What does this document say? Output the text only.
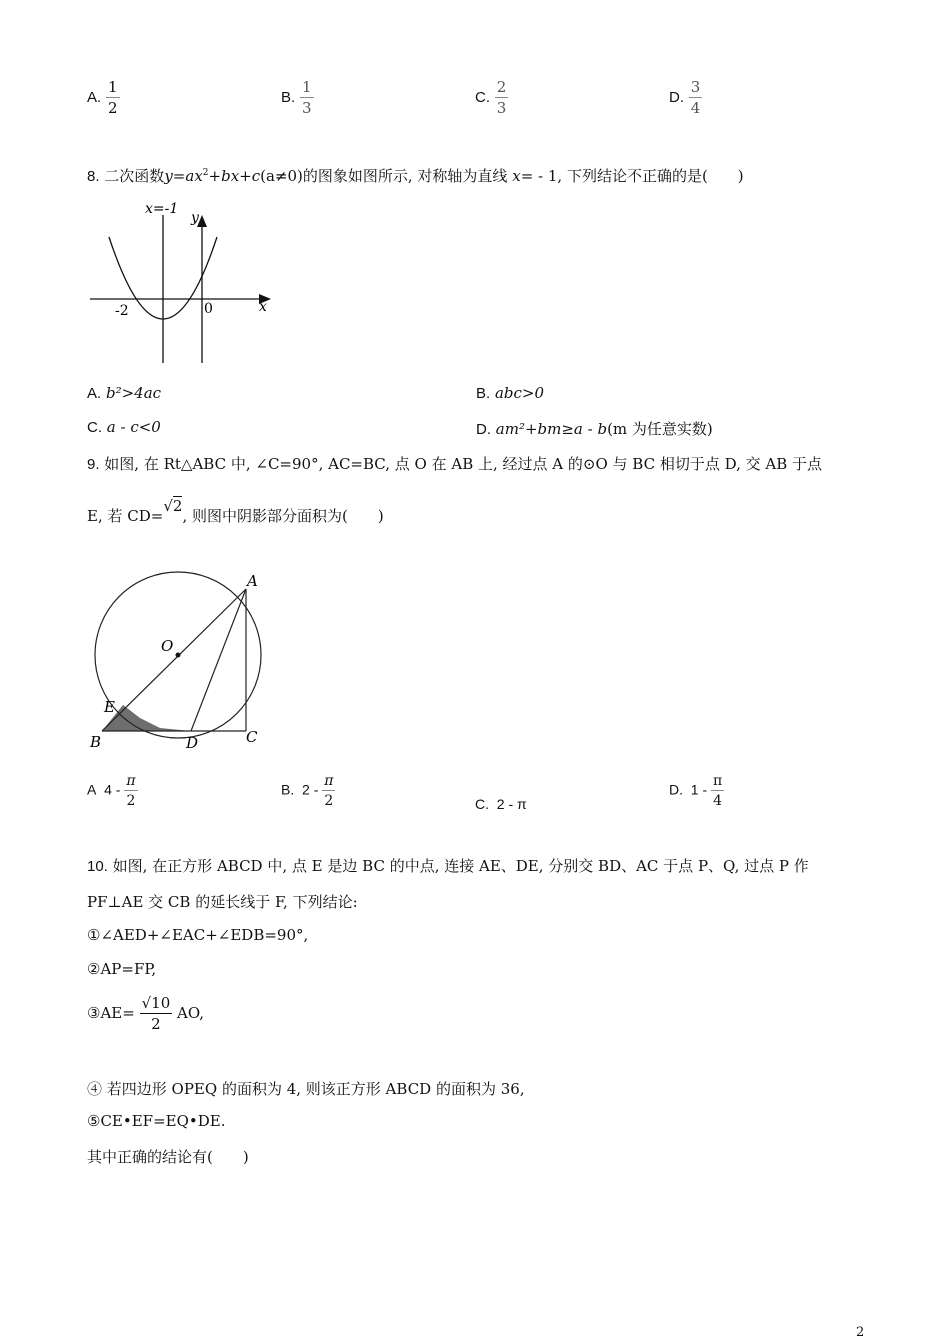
A. $\frac{1}{2}$	B. $\frac{1}{3}$	C. $\frac{2}{3}$	D. $\frac{3}{4}$
8. 二次函数$y=ax^2+bx+c(a\ne 0)$的图象如图所示, 对称轴为直线 x= - 1, 下列结论不正确的是(　　)
x=-1
y
x
0
-2
A. b²>4ac	B. abc>0
C. a - c<0	D. am²+bm≥a - b(m 为任意实数)
9. 如图, 在 Rt△ABC 中, ∠C=90°, AC=BC, 点 O 在 AB 上, 经过点 A 的⊙O 与 BC 相切于点 D, 交 AB 于点
E, 若 CD=√2, 则图中阴影部分面积为(　　)
A
O
E
B	D	C
A $4 - \frac{\pi}{2}$	B. $2 - \frac{\pi}{2}$	C. 2 - π
D. $1 - \frac{\pi}{4}$
10. 如图, 在正方形 ABCD 中, 点 E 是边 BC 的中点, 连接 AE、DE, 分别交 BD、AC 于点 P、Q, 过点 P 作
PF⊥AE 交 CB 的延长线于 F, 下列结论:
①∠AED+∠EAC+∠EDB=90°,
②AP=FP,
③AE= $\frac{√10}{2}$ AO,
④ 若四边形 OPEQ 的面积为 4, 则该正方形 ABCD 的面积为 36,
⑤CE•EF=EQ•DE.
其中正确的结论有(　　)
2
